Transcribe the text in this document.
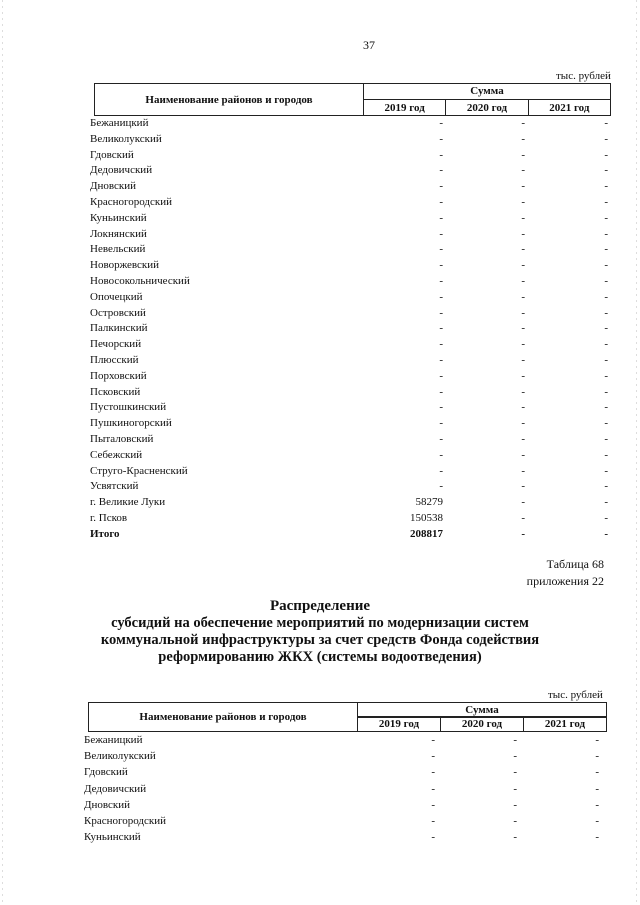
37
тыс. рублей
Наименование районов и городов
Сумма
2019 год	2020 год	2021 год
Бежаницкий	-	-	-
Великолукский	-	-	-
Гдовский	-	-	-
Дедовичский	-	-	-
Дновский	-	-	-
Красногородский	-	-	-
Куньинский	-	-	-
Локнянский	-	-	-
Невельский	-	-	-
Новоржевский	-	-	-
Новосокольнический	-	-	-
Опочецкий	-	-	-
Островский	-	-	-
Палкинский	-	-	-
Печорский	-	-	-
Плюсский	-	-	-
Порховский	-	-	-
Псковский	-	-	-
Пустошкинский	-	-	-
Пушкиногорский	-	-	-
Пыталовский	-	-	-
Себежский	-	-	-
Струго-Красненский	-	-	-
Усвятский	-	-	-
г. Великие Луки	58279	-	-
г. Псков	150538	-	-
Итого	208817	-	-
Таблица 68
приложения 22
Распределение
субсидий на обеспечение мероприятий по модернизации систем
коммунальной инфраструктуры за счет средств Фонда содействия
реформированию ЖКХ (системы водоотведения)
тыс. рублей
Наименование районов и городов
Сумма
2019 год	2020 год	2021 год
Бежаницкий	-	-	-
Великолукский	-	-	-
Гдовский	-	-	-
Дедовичский	-	-	-
Дновский	-	-	-
Красногородский	-	-	-
Куньинский	-	-	-
